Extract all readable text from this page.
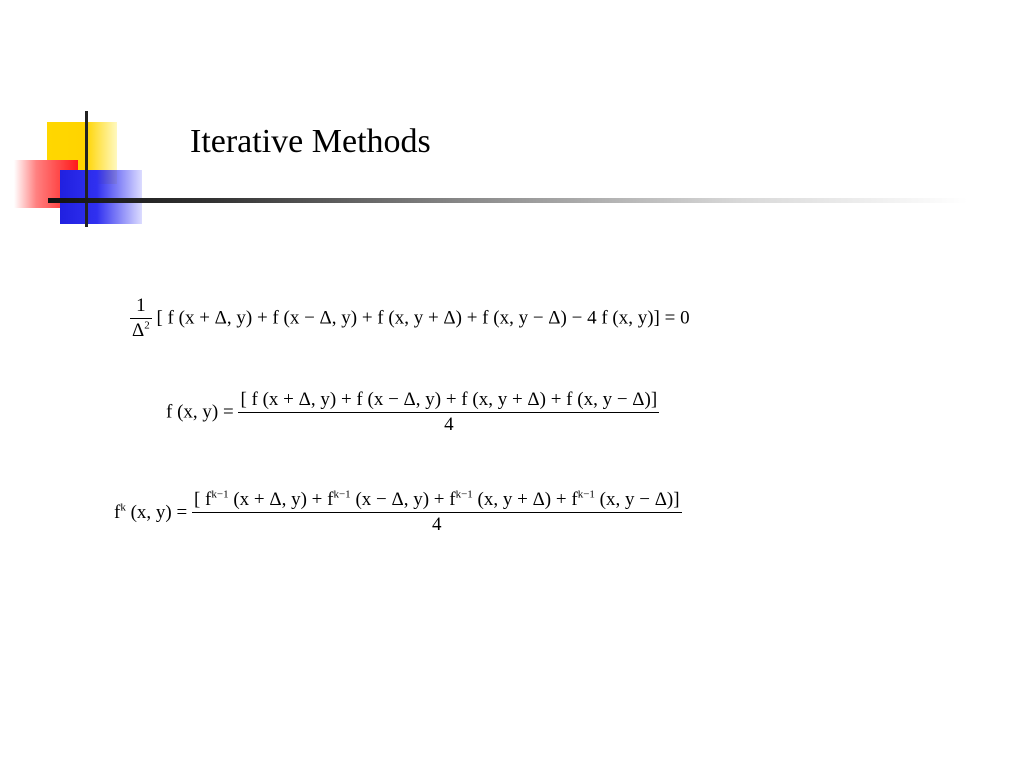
Iterative Methods
$\frac{1}{\Delta^2}$ [ f (x + Δ, y) + f (x − Δ, y) + f (x, y + Δ) + f (x, y − Δ) − 4 f (x, y)] = 0
f (x, $y) = \frac{[ f (x + \Delta, y) + f (x - \Delta, y) + f (x, y + \Delta) + f (x, y - \Delta)]}{4}$
$f^k$ (x, y) =
[ $f^{k-1}$ (x + Δ, $y) + f^{k-1}$ (x − Δ, $y) + f^{k-1}$ (x, $y + \Delta) + f^{k-1}$ (x, y − Δ)]
4
